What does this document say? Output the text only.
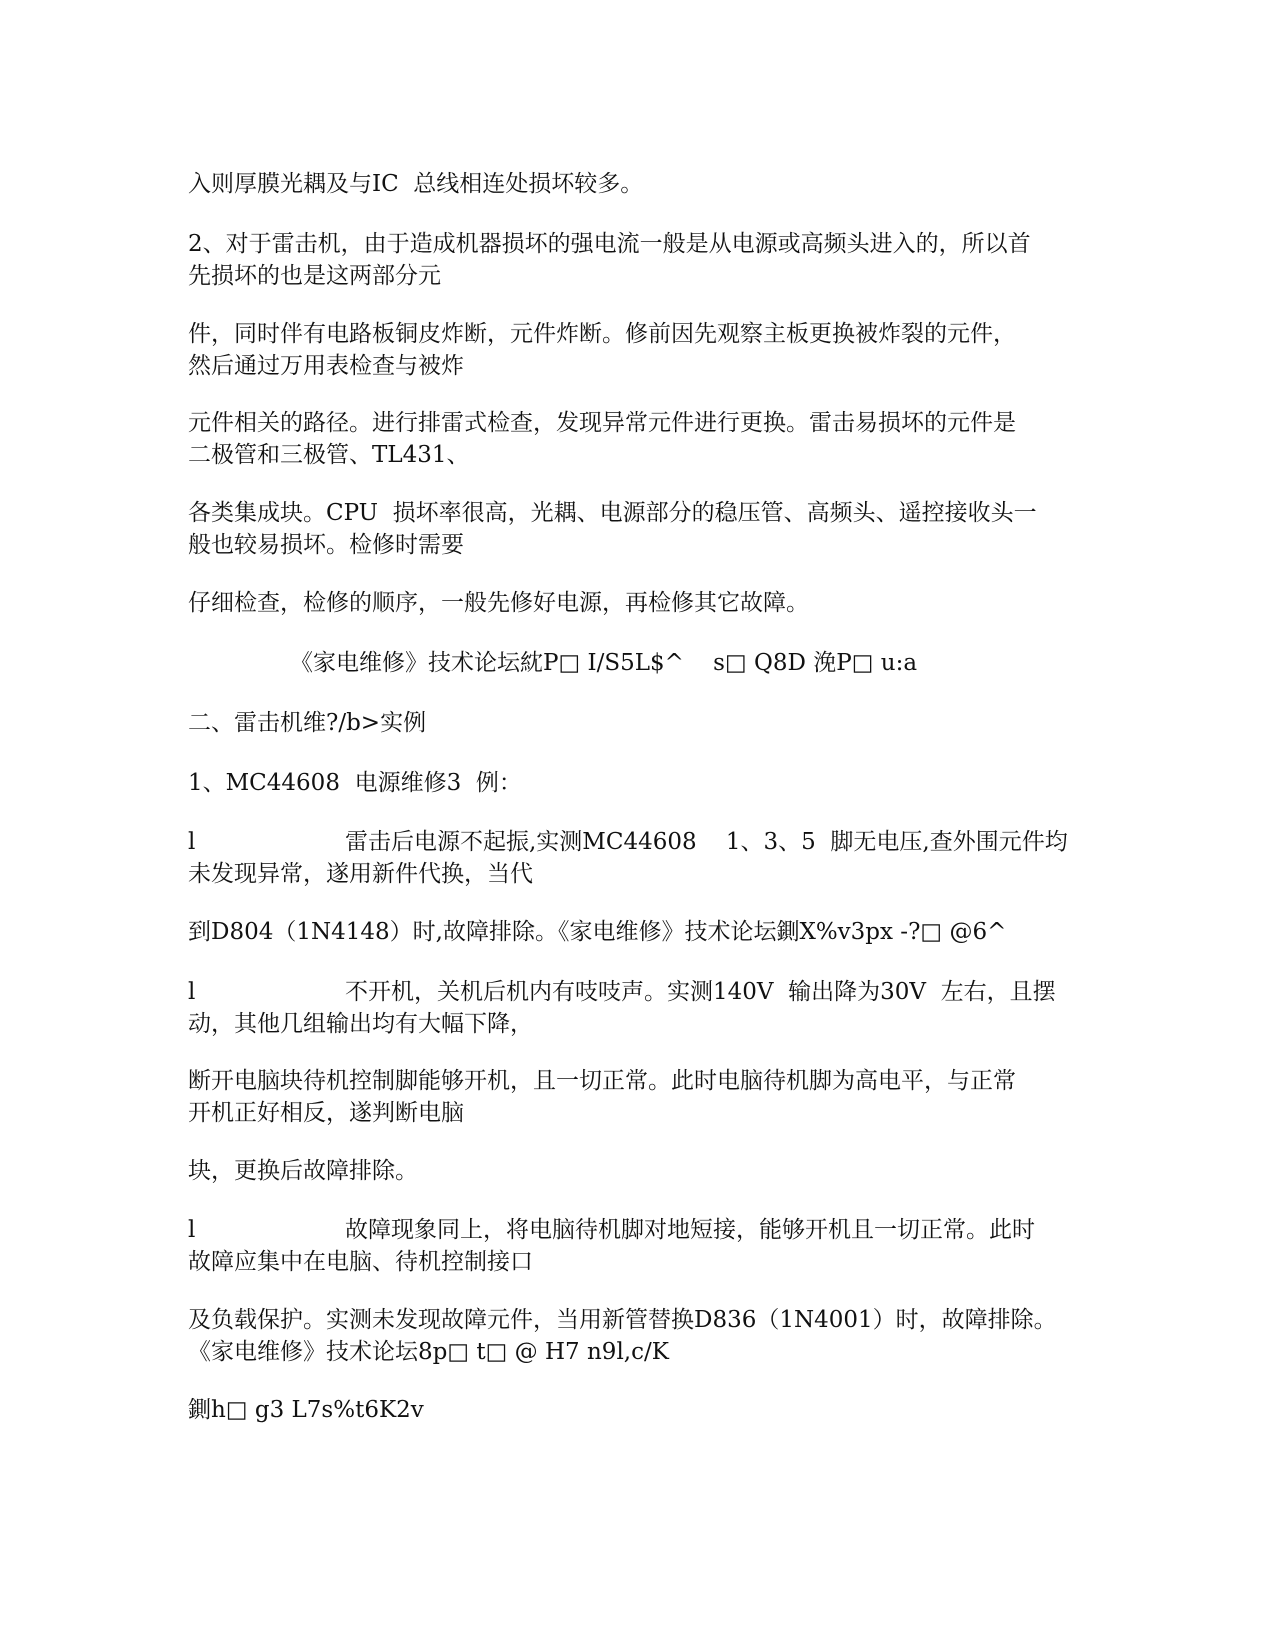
入则厚膜光耦及与IC  总线相连处损坏较多。
2、对于雷击机，由于造成机器损坏的强电流一般是从电源或高频头进入的，所以首
先损坏的也是这两部分元
件，同时伴有电路板铜皮炸断，元件炸断。修前因先观察主板更换被炸裂的元件，
然后通过万用表检查与被炸
元件相关的路径。进行排雷式检查，发现异常元件进行更换。雷击易损坏的元件是
二极管和三极管、TL431、
各类集成块。CPU  损坏率很高，光耦、电源部分的稳压管、高频头、遥控接收头一
般也较易损坏。检修时需要
仔细检查，检修的顺序，一般先修好电源，再检修其它故障。
《家电维修》技术论坛紞P□ I/S5L$^    s□ Q8D 浼P□ u:a
二、雷击机维?/b>实例
1、MC44608  电源维修3  例：
l	雷击后电源不起振,实测MC44608    1、3、5  脚无电压,查外围元件均
未发现异常，遂用新件代换，当代
到D804（1N4148）时,故障排除。《家电维修》技术论坛鍘X%v3px -?□ @6^
l	不开机，关机后机内有吱吱声。实测140V  输出降为30V  左右，且摆
动，其他几组输出均有大幅下降，
断开电脑块待机控制脚能够开机，且一切正常。此时电脑待机脚为高电平，与正常
开机正好相反，遂判断电脑
块，更换后故障排除。
l	故障现象同上，将电脑待机脚对地短接，能够开机且一切正常。此时
故障应集中在电脑、待机控制接口
及负载保护。实测未发现故障元件，当用新管替换D836（1N4001）时，故障排除。
《家电维修》技术论坛8p□ t□ @ H7 n9l,c/K
鍘h□ g3 L7s%t6K2v
